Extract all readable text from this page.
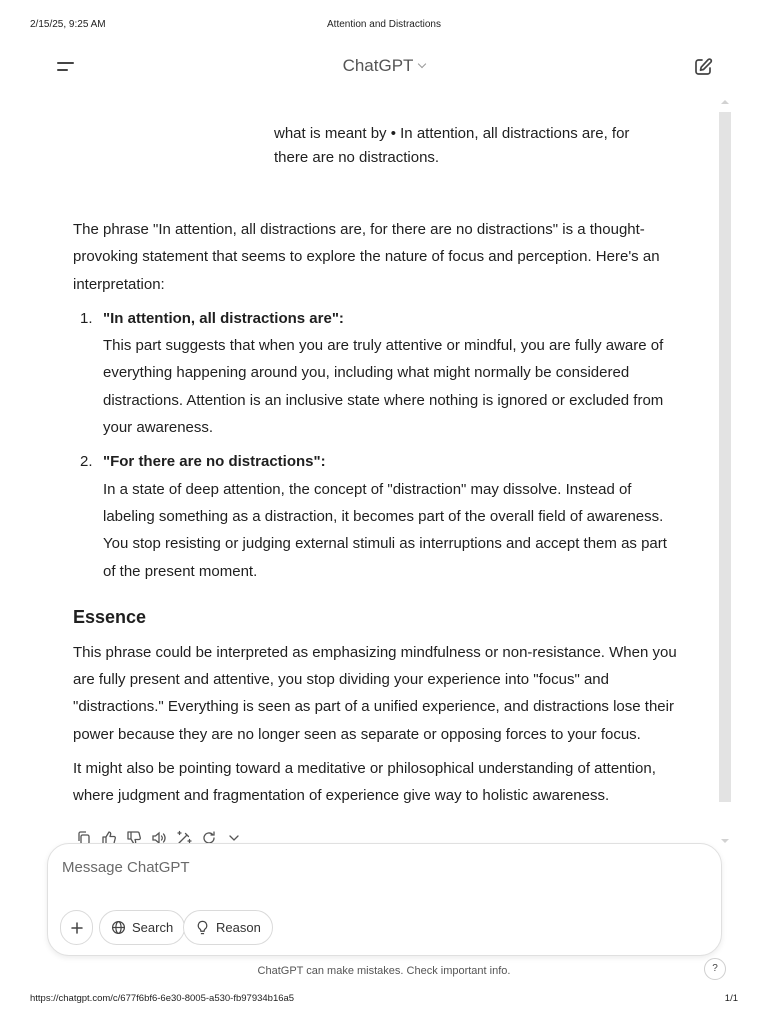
2/15/25, 9:25 AM	Attention and Distractions
ChatGPT
what is meant by • In attention, all distractions are, for
there are no distractions.

The phrase "In attention, all distractions are, for there are no distractions" is a thought-provoking statement that seems to explore the nature of focus and perception. Here's an interpretation:

1. "In attention, all distractions are":
This part suggests that when you are truly attentive or mindful, you are fully aware of everything happening around you, including what might normally be considered distractions. Attention is an inclusive state where nothing is ignored or excluded from your awareness.
2. "For there are no distractions":
In a state of deep attention, the concept of "distraction" may dissolve. Instead of labeling something as a distraction, it becomes part of the overall field of awareness. You stop resisting or judging external stimuli as interruptions and accept them as part of the present moment.
Essence

This phrase could be interpreted as emphasizing mindfulness or non-resistance. When you are fully present and attentive, you stop dividing your experience into "focus" and "distractions." Everything is seen as part of a unified experience, and distractions lose their power because they are no longer seen as separate or opposing forces to your focus.

It might also be pointing toward a meditative or philosophical understanding of attention, where judgment and fragmentation of experience give way to holistic awareness.

Message ChatGPT
Search	Reason
ChatGPT can make mistakes. Check important info.	?
https://chatgpt.com/c/677f6bf6-6e30-8005-a530-fb97934b16a5	1/1
